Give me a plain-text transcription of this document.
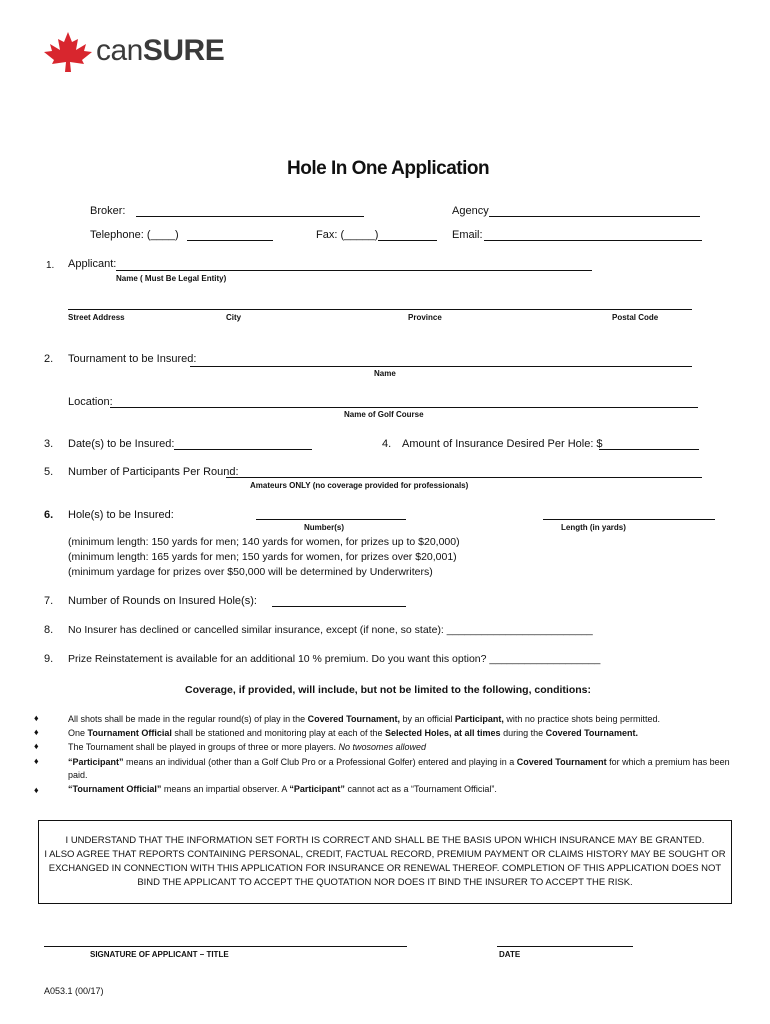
canSURE
Hole In One Application
Broker:	Agency
Telephone: (____)	Fax: (_____)	Email:
1. Applicant:
Name ( Must Be Legal Entity)
Street Address	City	Province	Postal Code
2. Tournament to be Insured:
Name
Location:
Name of Golf Course
3. Date(s) to be Insured:	4. Amount of Insurance Desired Per Hole: $
5. Number of Participants Per Round:
Amateurs ONLY (no coverage provided for professionals)
6. Hole(s) to be Insured:
Number(s)	Length (in yards)
(minimum length: 150 yards for men; 140 yards for women, for prizes up to $20,000)
(minimum length: 165 yards for men; 150 yards for women, for prizes over $20,001)
(minimum yardage for prizes over $50,000 will be determined by Underwriters)
7. Number of Rounds on Insured Hole(s):
8. No Insurer has declined or cancelled similar insurance, except (if none, so state): _________________________
9. Prize Reinstatement is available for an additional 10 % premium. Do you want this option? ___________________
Coverage, if provided, will include, but not be limited to the following, conditions:
♦	All shots shall be made in the regular round(s) of play in the Covered Tournament, by an official Participant, with no practice shots being permitted.
♦	One Tournament Official shall be stationed and monitoring play at each of the Selected Holes, at all times during the Covered Tournament.
♦	The Tournament shall be played in groups of three or more players. No twosomes allowed
♦	“Participant” means an individual (other than a Golf Club Pro or a Professional Golfer) entered and playing in a Covered Tournament for which a premium has been paid.
♦	“Tournament Official” means an impartial observer. A “Participant” cannot act as a “Tournament Official”.

I UNDERSTAND THAT THE INFORMATION SET FORTH IS CORRECT AND SHALL BE THE BASIS UPON WHICH INSURANCE MAY BE GRANTED.

I ALSO AGREE THAT REPORTS CONTAINING PERSONAL, CREDIT, FACTUAL RECORD, PREMIUM PAYMENT OR CLAIMS HISTORY MAY BE SOUGHT OR

EXCHANGED IN CONNECTION WITH THIS APPLICATION FOR INSURANCE OR RENEWAL THEREOF. COMPLETION OF THIS APPLICATION DOES NOT

BIND THE APPLICANT TO ACCEPT THE QUOTATION NOR DOES IT BIND THE INSURER TO ACCEPT THE RISK.

SIGNATURE OF APPLICANT – TITLE	DATE
A053.1 (00/17)
